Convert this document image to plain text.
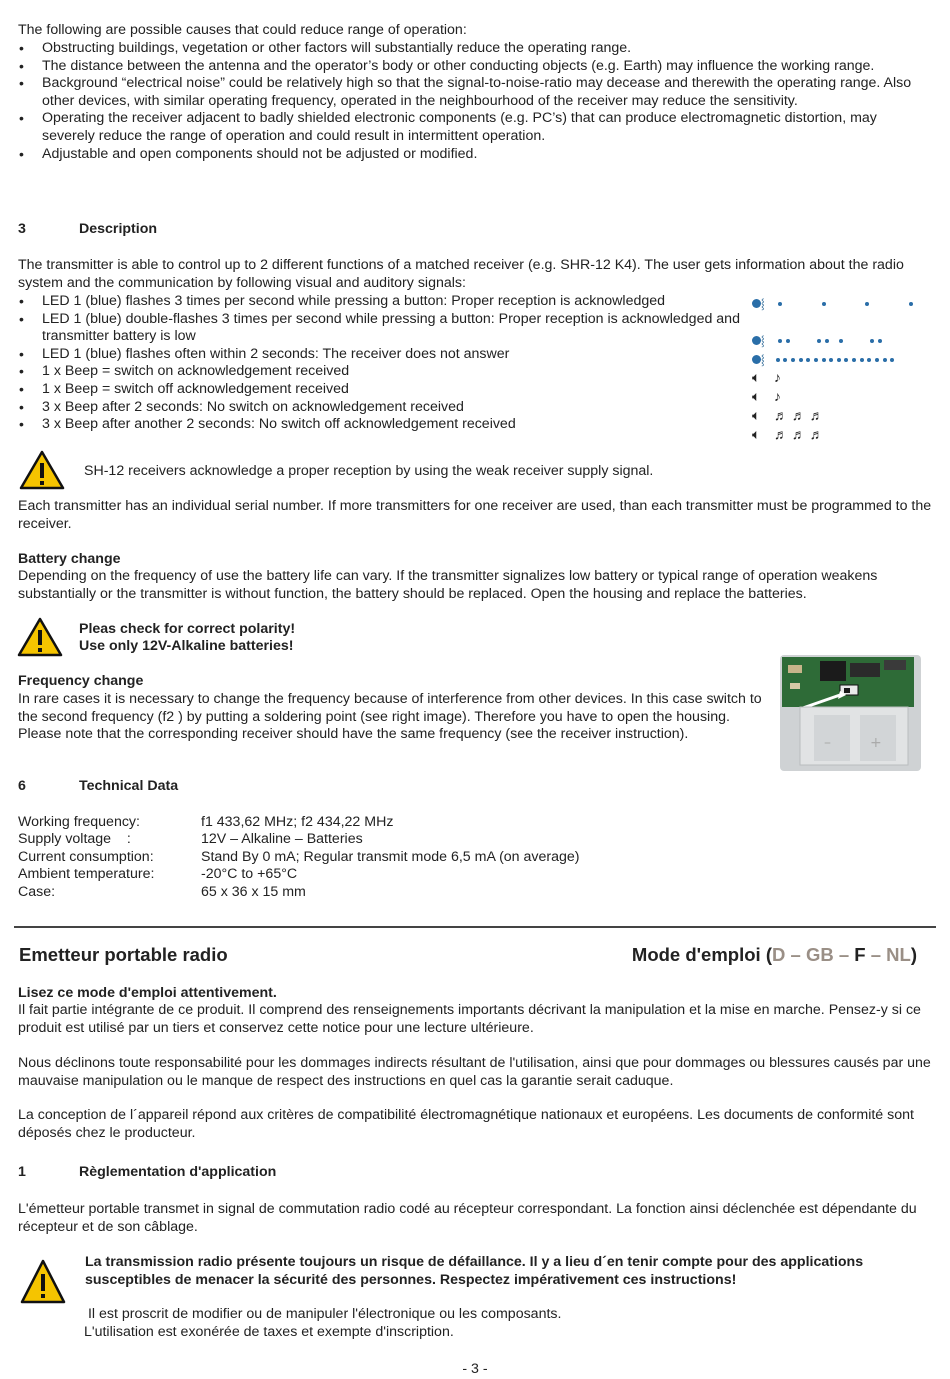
The following are possible causes that could reduce range of operation:

• Obstructing buildings, vegetation or other factors will substantially reduce the operating range.
• The distance between the antenna and the operator’s body or other conducting objects (e.g. Earth) may influence the working range.
• Background “electrical noise” could be relatively high so that the signal-to-noise-ratio may decease and therewith the operating range. Also other devices, with similar operating frequency, operated in the neighbourhood of the receiver may reduce the sensitivity.
• Operating the receiver adjacent to badly shielded electronic components (e.g. PC’s) that can produce electromagnetic distortion, may severely reduce the range of operation and could result in intermittent operation.
• Adjustable and open components should not be adjusted or modified.
3	Description

The transmitter is able to control up to 2 different functions of a matched receiver (e.g. SHR-12 K4). The user gets information about the radio system and the communication by following visual and auditory signals:

• LED 1 (blue) flashes 3 times per second while pressing a button: Proper reception is acknowledged
• LED 1 (blue) double-flashes 3 times per second while pressing a button: Proper reception is acknowledged and transmitter battery is low
• LED 1 (blue) flashes often within 2 seconds: The receiver does not answer
• 1 x Beep = switch on acknowledgement received
• 1 x Beep = switch off acknowledgement received
• 3 x Beep after 2 seconds: No switch on acknowledgement received
• 3 x Beep after another 2 seconds: No switch off acknowledgement received
⸾
⸾
⸾
🔈︎ ♪
🔈︎ ♪
🔈︎ ♬ ♬ ♬
🔈︎ ♬ ♬ ♬

SH-12 receivers acknowledge a proper reception by using the weak receiver supply signal.

Each transmitter has an individual serial number. If more transmitters for one receiver are used, than each transmitter must be programmed to the receiver.

Battery change

Depending on the frequency of use the battery life can vary. If the transmitter signalizes low battery or typical range of operation weakens substantially or the transmitter is without function, the battery should be replaced. Open the housing and replace the batteries.

Pleas check for correct polarity!

Use only 12V-Alkaline batteries!

Frequency change

In rare cases it is necessary to change the frequency because of interference from other devices. In this case switch to the second frequency (f2 ) by putting a soldering point (see right image). Therefore you have to open the housing. Please note that the corresponding receiver should have the same frequency (see the receiver instruction).

–	+
6	Technical Data
Working frequency:	f1 433,62 MHz; f2 434,22 MHz
Supply voltage    :	12V – Alkaline – Batteries
Current consumption:	Stand By 0 mA; Regular transmit mode 6,5 mA (on average)
Ambient temperature:	-20°C to +65°C
Case:	65 x 36 x 15 mm
Emetteur portable radio	Mode d'emploi (D – GB – F – NL)

Lisez ce mode d'emploi attentivement.

Il fait partie intégrante de ce produit. Il comprend des renseignements importants décrivant la manipulation et la mise en marche. Pensez-y si ce produit est utilisé par un tiers et conservez cette notice pour une lecture ultérieure.

Nous déclinons toute responsabilité pour les dommages indirects résultant de l'utilisation, ainsi que pour dommages ou blessures causés par une mauvaise manipulation ou le manque de respect des instructions en quel cas la garantie serait caduque.

La conception de l´appareil répond aux critères de compatibilité électromagnétique nationaux et européens. Les documents de conformité sont déposés chez le producteur.

1	Règlementation d'application

L'émetteur portable transmet in signal de commutation radio codé au récepteur correspondant. La fonction ainsi déclenchée est dépendante du récepteur et de son câblage.

La transmission radio présente toujours un risque de défaillance. Il y a lieu d´en tenir compte pour des applications susceptibles de menacer la sécurité des personnes. Respectez impérativement ces instructions!

Il est proscrit de modifier ou de manipuler l'électronique ou les composants.

L'utilisation est exonérée de taxes et exempte d'inscription.

- 3 -
